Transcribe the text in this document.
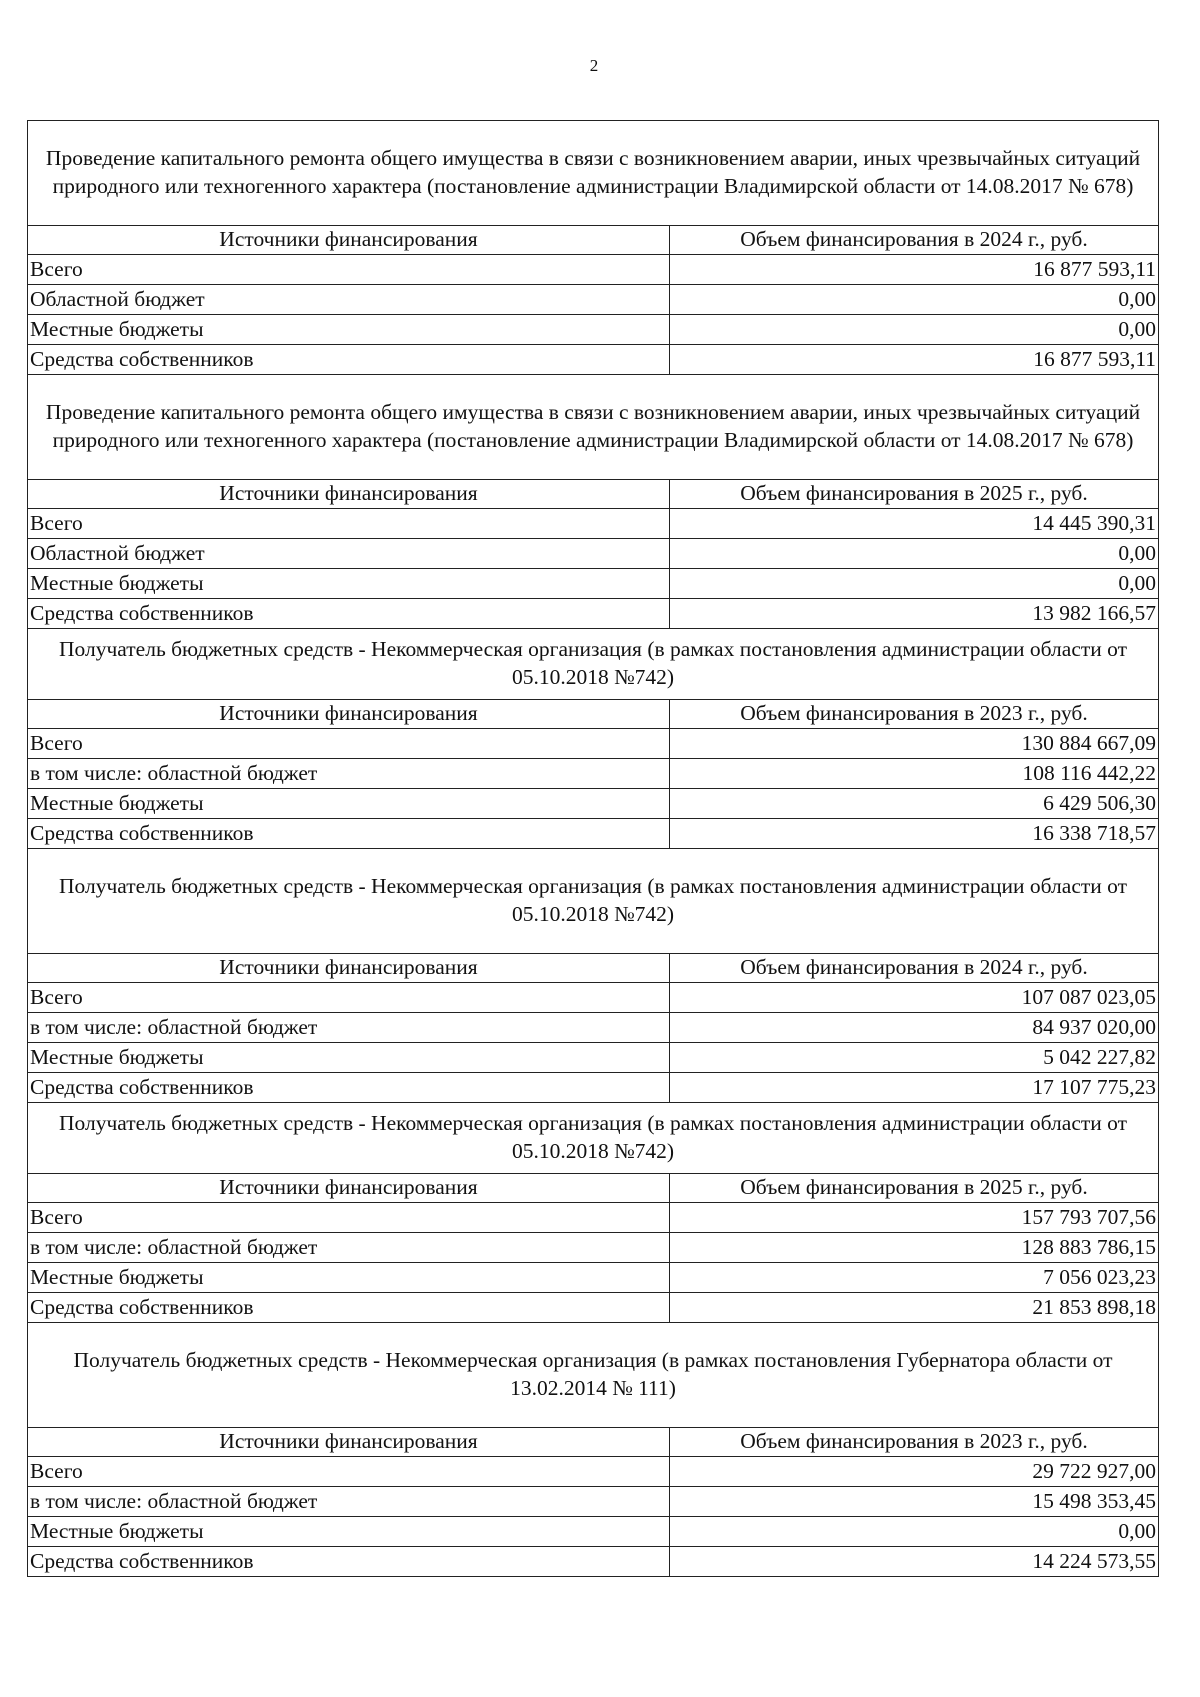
2
Проведение капитального ремонта общего имущества в связи с возникновением аварии, иных чрезвычайных ситуаций природного или техногенного характера (постановление администрации Владимирской области от 14.08.2017 № 678)	
Источники финансирования	Объем финансирования в 2024 г., руб.
Всего	16 877 593,11
Областной бюджет	0,00
Местные бюджеты	0,00
Средства собственников	16 877 593,11
Проведение капитального ремонта общего имущества в связи с возникновением аварии, иных чрезвычайных ситуаций природного или техногенного характера (постановление администрации Владимирской области от 14.08.2017 № 678)	
Источники финансирования	Объем финансирования в 2025 г., руб.
Всего	14 445 390,31
Областной бюджет	0,00
Местные бюджеты	0,00
Средства собственников	13 982 166,57
Получатель бюджетных средств - Некоммерческая организация (в рамках постановления администрации области от 05.10.2018 №742)	
Источники финансирования	Объем финансирования в 2023 г., руб.
Всего	130 884 667,09
в том числе: областной бюджет	108 116 442,22
Местные бюджеты	6 429 506,30
Средства собственников	16 338 718,57
Получатель бюджетных средств - Некоммерческая организация (в рамках постановления администрации области от 05.10.2018 №742)	
Источники финансирования	Объем финансирования в 2024 г., руб.
Всего	107 087 023,05
в том числе: областной бюджет	84 937 020,00
Местные бюджеты	5 042 227,82
Средства собственников	17 107 775,23
Получатель бюджетных средств - Некоммерческая организация (в рамках постановления администрации области от 05.10.2018 №742)	
Источники финансирования	Объем финансирования в 2025 г., руб.
Всего	157 793 707,56
в том числе: областной бюджет	128 883 786,15
Местные бюджеты	7 056 023,23
Средства собственников	21 853 898,18
Получатель бюджетных средств - Некоммерческая организация (в рамках постановления Губернатора области от 13.02.2014 № 111)	
Источники финансирования	Объем финансирования в 2023 г., руб.
Всего	29 722 927,00
в том числе: областной бюджет	15 498 353,45
Местные бюджеты	0,00
Средства собственников	14 224 573,55
